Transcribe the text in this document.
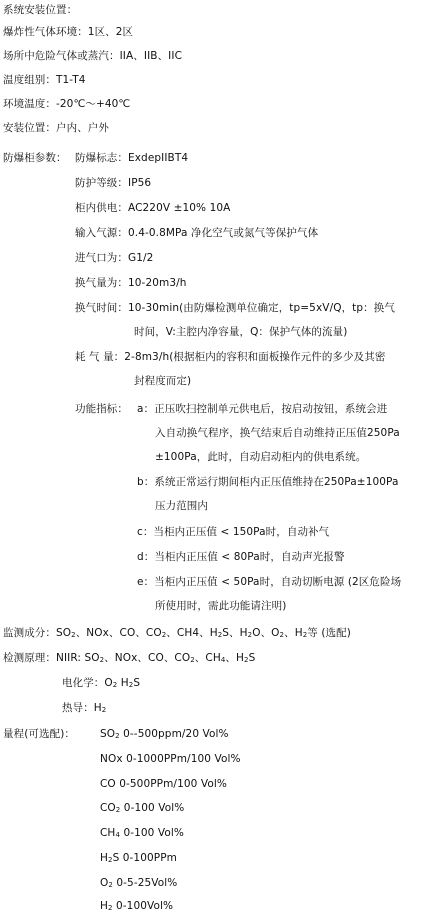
系统安装位置：
爆炸性气体环境：1区、2区
场所中危险气体或蒸汽：IIA、IIB、IIC
温度组别：T1-T4
环境温度：-20℃～+40℃
安装位置：户内、户外
防爆柜参数： 防爆标志：ExdepIIBT4
防护等级：IP56
柜内供电：AC220V ±10% 10A
输入气源：0.4-0.8MPa 净化空气或氮气等保护气体
进气口为：G1/2
换气量为：10-20m3/h
换气时间：10-30min(由防爆检测单位确定，tp=5xV/Q，tp：换气
时间，V:主腔内净容量，Q：保护气体的流量)
耗 气 量：2-8m3/h(根据柜内的容积和面板操作元件的多少及其密
封程度而定)
功能指标： a：正压吹扫控制单元供电后，按启动按钮，系统会进
入自动换气程序，换气结束后自动维持正压值250Pa
±100Pa，此时，自动启动柜内的供电系统。
b：系统正常运行期间柜内正压值维持在250Pa±100Pa
压力范围内
c：当柜内正压值 < 150Pa时，自动补气
d：当柜内正压值 < 80Pa时，自动声光报警
e：当柜内正压值 < 50Pa时，自动切断电源 (2区危险场
所使用时，需此功能请注明)
监测成分：$SO_2$、NOx、CO、$CO_2$、CH4、$H_2S$、$H_2O$、$O_2$、$H_2$等 (选配)
检测原理：NIIR: $SO_2$、NOx、CO、$CO_2$、$CH_4$、$H_2S$
电化学：$O_2$ $H_2S$
热导：$H_2$
量程(可选配)： $SO_2$ 0--500ppm/20 Vol%
NOx 0-1000PPm/100 Vol%
CO 0-500PPm/100 Vol%
$CO_2$ 0-100 Vol%
$CH_4$ 0-100 Vol%
$H_2S$ 0-100PPm
$O_2$ 0-5-25Vol%
$H_2$ 0-100Vol%
